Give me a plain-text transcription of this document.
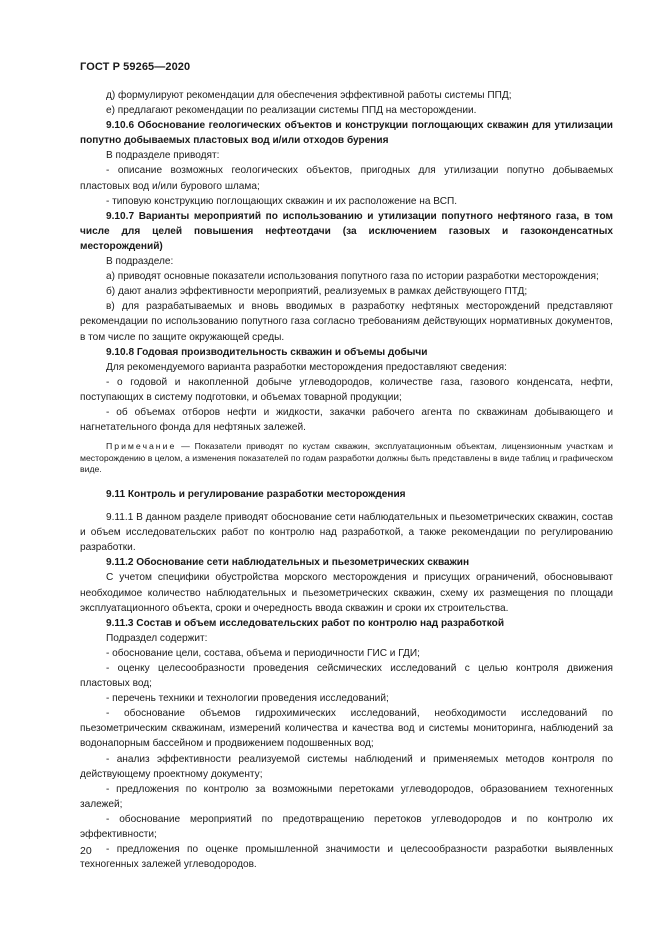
ГОСТ Р 59265—2020

д) формулируют рекомендации для обеспечения эффективной работы системы ППД;

е) предлагают рекомендации по реализации системы ППД на месторождении.

9.10.6 Обоснование геологических объектов и конструкции поглощающих скважин для утилизации попутно добываемых пластовых вод и/или отходов бурения

В подразделе приводят:

- описание возможных геологических объектов, пригодных для утилизации попутно добываемых пластовых вод и/или бурового шлама;

- типовую конструкцию поглощающих скважин и их расположение на ВСП.

9.10.7 Варианты мероприятий по использованию и утилизации попутного нефтяного газа, в том числе для целей повышения нефтеотдачи (за исключением газовых и газоконденсатных месторождений)

В подразделе:

а) приводят основные показатели использования попутного газа по истории разработки месторождения;

б) дают анализ эффективности мероприятий, реализуемых в рамках действующего ПТД;

в) для разрабатываемых и вновь вводимых в разработку нефтяных месторождений представляют рекомендации по использованию попутного газа согласно требованиям действующих нормативных документов, в том числе по защите окружающей среды.

9.10.8 Годовая производительность скважин и объемы добычи

Для рекомендуемого варианта разработки месторождения предоставляют сведения:

- о годовой и накопленной добыче углеводородов, количестве газа, газового конденсата, нефти, поступающих в систему подготовки, и объемах товарной продукции;

- об объемах отборов нефти и жидкости, закачки рабочего агента по скважинам добывающего и нагнетательного фонда для нефтяных залежей.

Примечание — Показатели приводят по кустам скважин, эксплуатационным объектам, лицензионным участкам и месторождению в целом, а изменения показателей по годам разработки должны быть представлены в виде таблиц и графическом виде.

9.11 Контроль и регулирование разработки месторождения

9.11.1 В данном разделе приводят обоснование сети наблюдательных и пьезометрических скважин, состав и объем исследовательских работ по контролю над разработкой, а также рекомендации по регулированию разработки.

9.11.2 Обоснование сети наблюдательных и пьезометрических скважин

С учетом специфики обустройства морского месторождения и присущих ограничений, обосновывают необходимое количество наблюдательных и пьезометрических скважин, схему их размещения по площади эксплуатационного объекта, сроки и очередность ввода скважин и сроки их строительства.

9.11.3 Состав и объем исследовательских работ по контролю над разработкой

Подраздел содержит:

- обоснование цели, состава, объема и периодичности ГИС и ГДИ;

- оценку целесообразности проведения сейсмических исследований с целью контроля движения пластовых вод;

- перечень техники и технологии проведения исследований;

- обоснование объемов гидрохимических исследований, необходимости исследований по пьезометрическим скважинам, измерений количества и качества вод и системы мониторинга, наблюдений за водонапорным бассейном и продвижением подошвенных вод;

- анализ эффективности реализуемой системы наблюдений и применяемых методов контроля по действующему проектному документу;

- предложения по контролю за возможными перетоками углеводородов, образованием техногенных залежей;

- обоснование мероприятий по предотвращению перетоков углеводородов и по контролю их эффективности;

- предложения по оценке промышленной значимости и целесообразности разработки выявленных техногенных залежей углеводородов.

20
